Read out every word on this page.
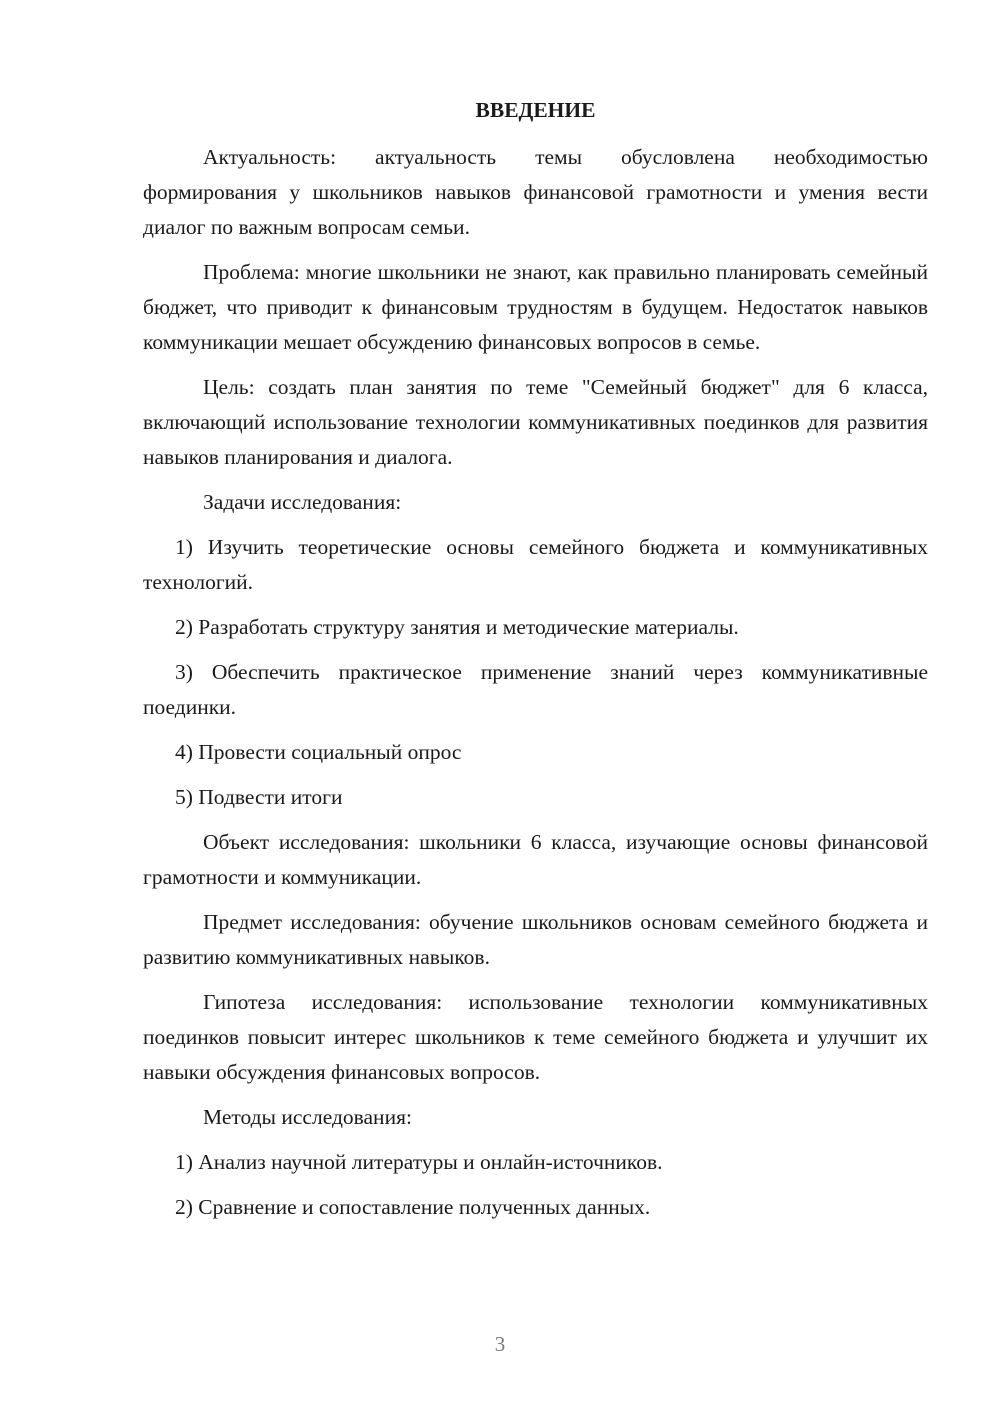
ВВЕДЕНИЕ

Актуальность: актуальность темы обусловлена необходимостью формирования у школьников навыков финансовой грамотности и умения вести диалог по важным вопросам семьи.

Проблема: многие школьники не знают, как правильно планировать семейный бюджет, что приводит к финансовым трудностям в будущем. Недостаток навыков коммуникации мешает обсуждению финансовых вопросов в семье.

Цель: создать план занятия по теме "Семейный бюджет" для 6 класса, включающий использование технологии коммуникативных поединков для развития навыков планирования и диалога.

Задачи исследования:

1) Изучить теоретические основы семейного бюджета и коммуникативных технологий.

2) Разработать структуру занятия и методические материалы.

3) Обеспечить практическое применение знаний через коммуникативные поединки.

4) Провести социальный опрос

5) Подвести итоги

Объект исследования: школьники 6 класса, изучающие основы финансовой грамотности и коммуникации.

Предмет исследования: обучение школьников основам семейного бюджета и развитию коммуникативных навыков.

Гипотеза исследования: использование технологии коммуникативных поединков повысит интерес школьников к теме семейного бюджета и улучшит их навыки обсуждения финансовых вопросов.

Методы исследования:

1) Анализ научной литературы и онлайн-источников.

2) Сравнение и сопоставление полученных данных.

3
